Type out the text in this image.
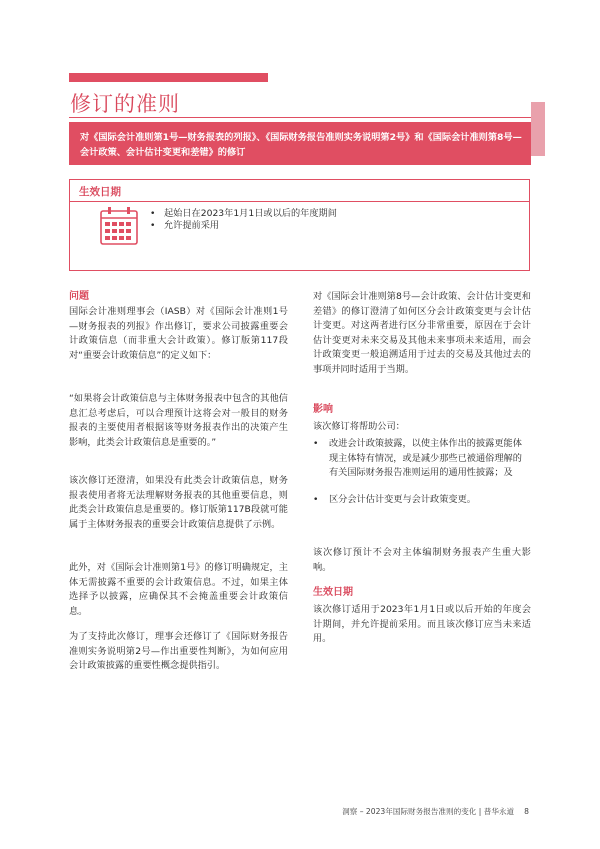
修订的准则
对《国际会计准则第1号—财务报表的列报》、《国际财务报告准则实务说明第2号》和《国际会计准则第8号—会计政策、会计估计变更和差错》的修订
生效日期
• 起始日在2023年1月1日或以后的年度期间
• 允许提前采用
问题

国际会计准则理事会（IASB）对《国际会计准则1号—财务报表的列报》作出修订，要求公司披露重要会计政策信息（而非重大会计政策）。修订版第117段对“重要会计政策信息”的定义如下：

“如果将会计政策信息与主体财务报表中包含的其他信息汇总考虑后，可以合理预计这将会对一般目的财务报表的主要使用者根据该等财务报表作出的决策产生影响，此类会计政策信息是重要的。”

该次修订还澄清，如果没有此类会计政策信息，财务报表使用者将无法理解财务报表的其他重要信息，则此类会计政策信息是重要的。修订版第117B段就可能属于主体财务报表的重要会计政策信息提供了示例。

此外，对《国际会计准则第1号》的修订明确规定，主体无需披露不重要的会计政策信息。不过，如果主体选择予以披露，应确保其不会掩盖重要会计政策信息。

为了支持此次修订，理事会还修订了《国际财务报告准则实务说明第2号—作出重要性判断》，为如何应用会计政策披露的重要性概念提供指引。

对《国际会计准则第8号—会计政策、会计估计变更和差错》的修订澄清了如何区分会计政策变更与会计估计变更。对这两者进行区分非常重要，原因在于会计估计变更对未来交易及其他未来事项未来适用，而会计政策变更一般追溯适用于过去的交易及其他过去的事项并同时适用于当期。

影响

该次修订将帮助公司：

• 改进会计政策披露，以使主体作出的披露更能体现主体特有情况，或是减少那些已被通俗理解的有关国际财务报告准则运用的通用性披露；及
• 区分会计估计变更与会计政策变更。

该次修订预计不会对主体编制财务报表产生重大影响。

生效日期

该次修订适用于2023年1月1日或以后开始的年度会计期间，并允许提前采用。而且该次修订应当未来适用。

洞察 – 2023年国际财务报告准则的变化 | 普华永道 8
